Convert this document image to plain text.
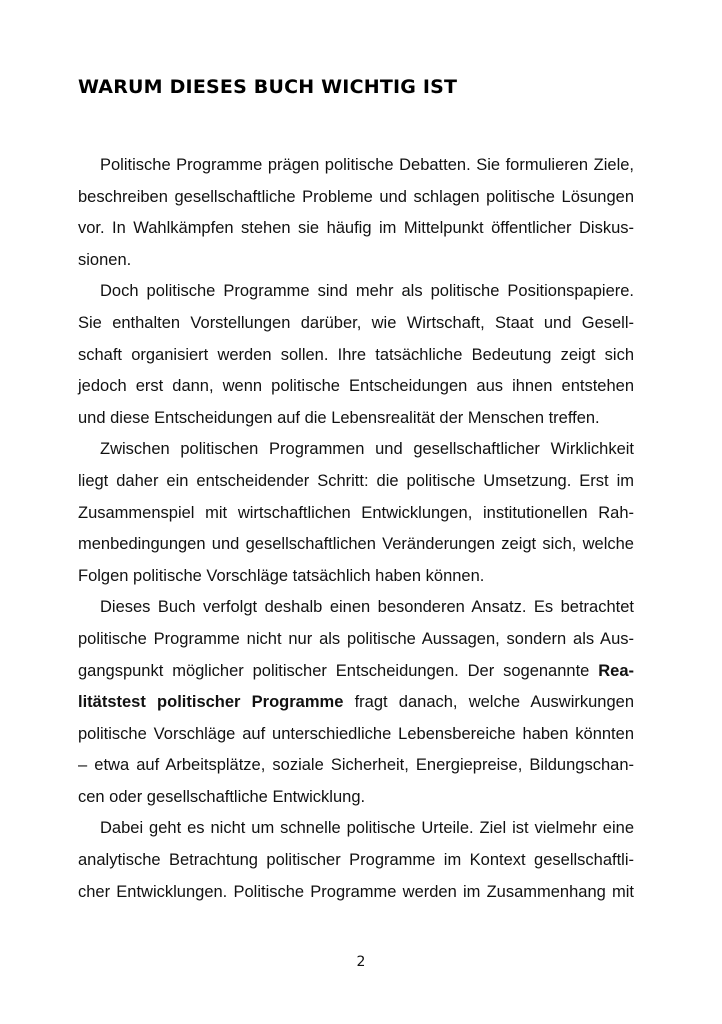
WARUM DIESES BUCH WICHTIG IST
Politische Programme prägen politische Debatten. Sie formulieren Ziele,
beschreiben gesellschaftliche Probleme und schlagen politische Lösungen
vor. In Wahlkämpfen stehen sie häufig im Mittelpunkt öffentlicher Diskus-
sionen.
Doch politische Programme sind mehr als politische Positionspapiere.
Sie enthalten Vorstellungen darüber, wie Wirtschaft, Staat und Gesell-
schaft organisiert werden sollen. Ihre tatsächliche Bedeutung zeigt sich
jedoch erst dann, wenn politische Entscheidungen aus ihnen entstehen
und diese Entscheidungen auf die Lebensrealität der Menschen treffen.
Zwischen politischen Programmen und gesellschaftlicher Wirklichkeit
liegt daher ein entscheidender Schritt: die politische Umsetzung. Erst im
Zusammenspiel mit wirtschaftlichen Entwicklungen, institutionellen Rah-
menbedingungen und gesellschaftlichen Veränderungen zeigt sich, welche
Folgen politische Vorschläge tatsächlich haben können.
Dieses Buch verfolgt deshalb einen besonderen Ansatz. Es betrachtet
politische Programme nicht nur als politische Aussagen, sondern als Aus-
gangspunkt möglicher politischer Entscheidungen. Der sogenannte Rea-
litätstest politischer Programme fragt danach, welche Auswirkungen
politische Vorschläge auf unterschiedliche Lebensbereiche haben könnten
– etwa auf Arbeitsplätze, soziale Sicherheit, Energiepreise, Bildungschan-
cen oder gesellschaftliche Entwicklung.
Dabei geht es nicht um schnelle politische Urteile. Ziel ist vielmehr eine
analytische Betrachtung politischer Programme im Kontext gesellschaftli-
cher Entwicklungen. Politische Programme werden im Zusammenhang mit
2
